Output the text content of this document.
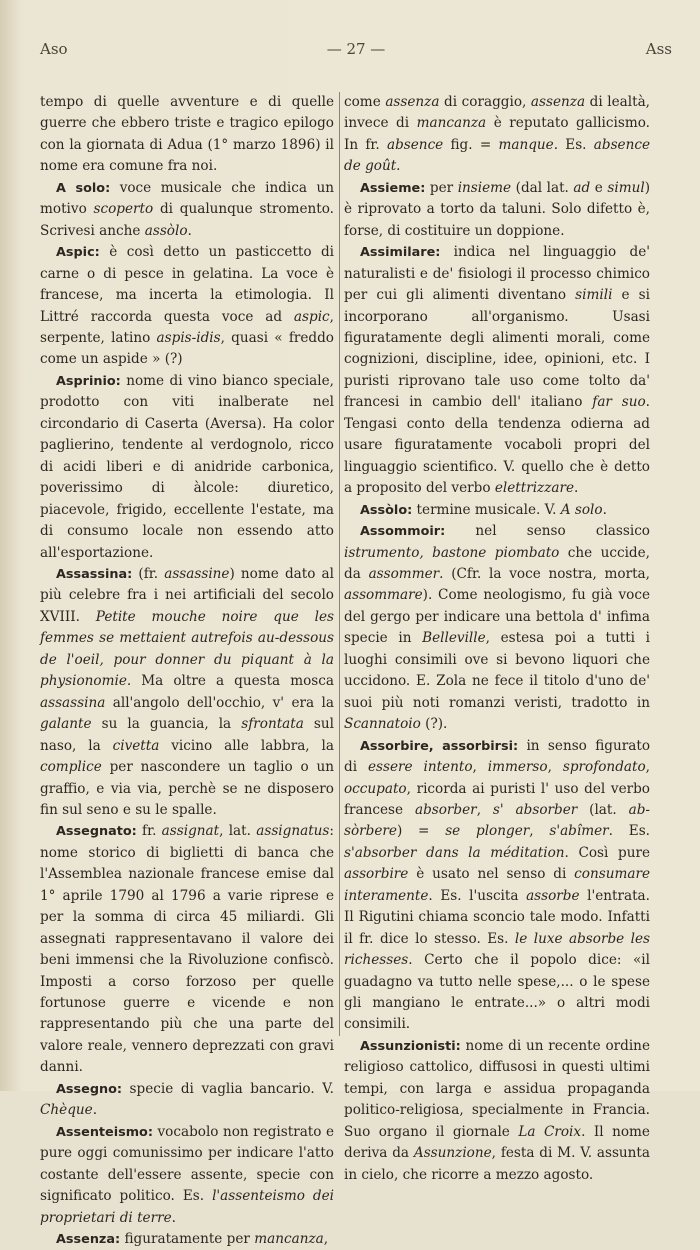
Aso	— 27 —	Ass

tempo di quelle avventure e di quelle guerre che ebbero triste e tragico epilogo con la giornata di Adua (1° marzo 1896) il nome era comune fra noi.

A solo: voce musicale che indica un motivo scoperto di qualunque stromento. Scrivesi anche assòlo.

Aspic: è così detto un pasticcetto di carne o di pesce in gelatina. La voce è francese, ma incerta la etimologia. Il Littré raccorda questa voce ad aspic, serpente, latino aspis-idis, quasi « freddo come un aspide » (?)

Asprinio: nome di vino bianco speciale, prodotto con viti inalberate nel circondario di Caserta (Aversa). Ha color paglierino, tendente al verdognolo, ricco di acidi liberi e di anidride carbonica, poverissimo di àlcole: diuretico, piacevole, frigido, eccellente l'estate, ma di consumo locale non essendo atto all'esportazione.

Assassina: (fr. assassine) nome dato al più celebre fra i nei artificiali del secolo XVIII. Petite mouche noire que les femmes se mettaient autrefois au-dessous de l'oeil, pour donner du piquant à la physionomie. Ma oltre a questa mosca assassina all'angolo dell'occhio, v' era la galante su la guancia, la sfrontata sul naso, la civetta vicino alle labbra, la complice per nascondere un taglio o un graffio, e via via, perchè se ne disposero fin sul seno e su le spalle.

Assegnato: fr. assignat, lat. assignatus: nome storico di biglietti di banca che l'Assemblea nazionale francese emise dal 1° aprile 1790 al 1796 a varie riprese e per la somma di circa 45 miliardi. Gli assegnati rappresentavano il valore dei beni immensi che la Rivoluzione confiscò. Imposti a corso forzoso per quelle fortunose guerre e vicende e non rappresentando più che una parte del valore reale, vennero deprezzati con gravi danni.

Assegno: specie di vaglia bancario. V. Chèque.

Assenteismo: vocabolo non registrato e pure oggi comunissimo per indicare l'atto costante dell'essere assente, specie con significato politico. Es. l'assenteismo dei proprietari di terre.

Assenza: figuratamente per mancanza,

come assenza di coraggio, assenza di lealtà, invece di mancanza è reputato gallicismo. In fr. absence fig. = manque. Es. absence de goût.

Assieme: per insieme (dal lat. ad e simul) è riprovato a torto da taluni. Solo difetto è, forse, di costituire un doppione.

Assimilare: indica nel linguaggio de' naturalisti e de' fisiologi il processo chimico per cui gli alimenti diventano simili e si incorporano all'organismo. Usasi figuratamente degli alimenti morali, come cognizioni, discipline, idee, opinioni, etc. I puristi riprovano tale uso come tolto da' francesi in cambio dell' italiano far suo. Tengasi conto della tendenza odierna ad usare figuratamente vocaboli propri del linguaggio scientifico. V. quello che è detto a proposito del verbo elettrizzare.

Assòlo: termine musicale. V. A solo.

Assommoir: nel senso classico istrumento, bastone piombato che uccide, da assommer. (Cfr. la voce nostra, morta, assommare). Come neologismo, fu già voce del gergo per indicare una bettola d' infima specie in Belleville, estesa poi a tutti i luoghi consimili ove si bevono liquori che uccidono. E. Zola ne fece il titolo d'uno de' suoi più noti romanzi veristi, tradotto in Scannatoio (?).

Assorbire, assorbirsi: in senso figurato di essere intento, immerso, sprofondato, occupato, ricorda ai puristi l' uso del verbo francese absorber, s' absorber (lat. ab-sòrbere) = se plonger, s'abîmer. Es. s'absorber dans la méditation. Così pure assorbire è usato nel senso di consumare interamente. Es. l'uscita assorbe l'entrata. Il Rigutini chiama sconcio tale modo. Infatti il fr. dice lo stesso. Es. le luxe absorbe les richesses. Certo che il popolo dice: «il guadagno va tutto nelle spese,... o le spese gli mangiano le entrate...» o altri modi consimili.

Assunzionisti: nome di un recente ordine religioso cattolico, diffusosi in questi ultimi tempi, con larga e assidua propaganda politico-religiosa, specialmente in Francia. Suo organo il giornale La Croix. Il nome deriva da Assunzione, festa di M. V. assunta in cielo, che ricorre a mezzo agosto.
